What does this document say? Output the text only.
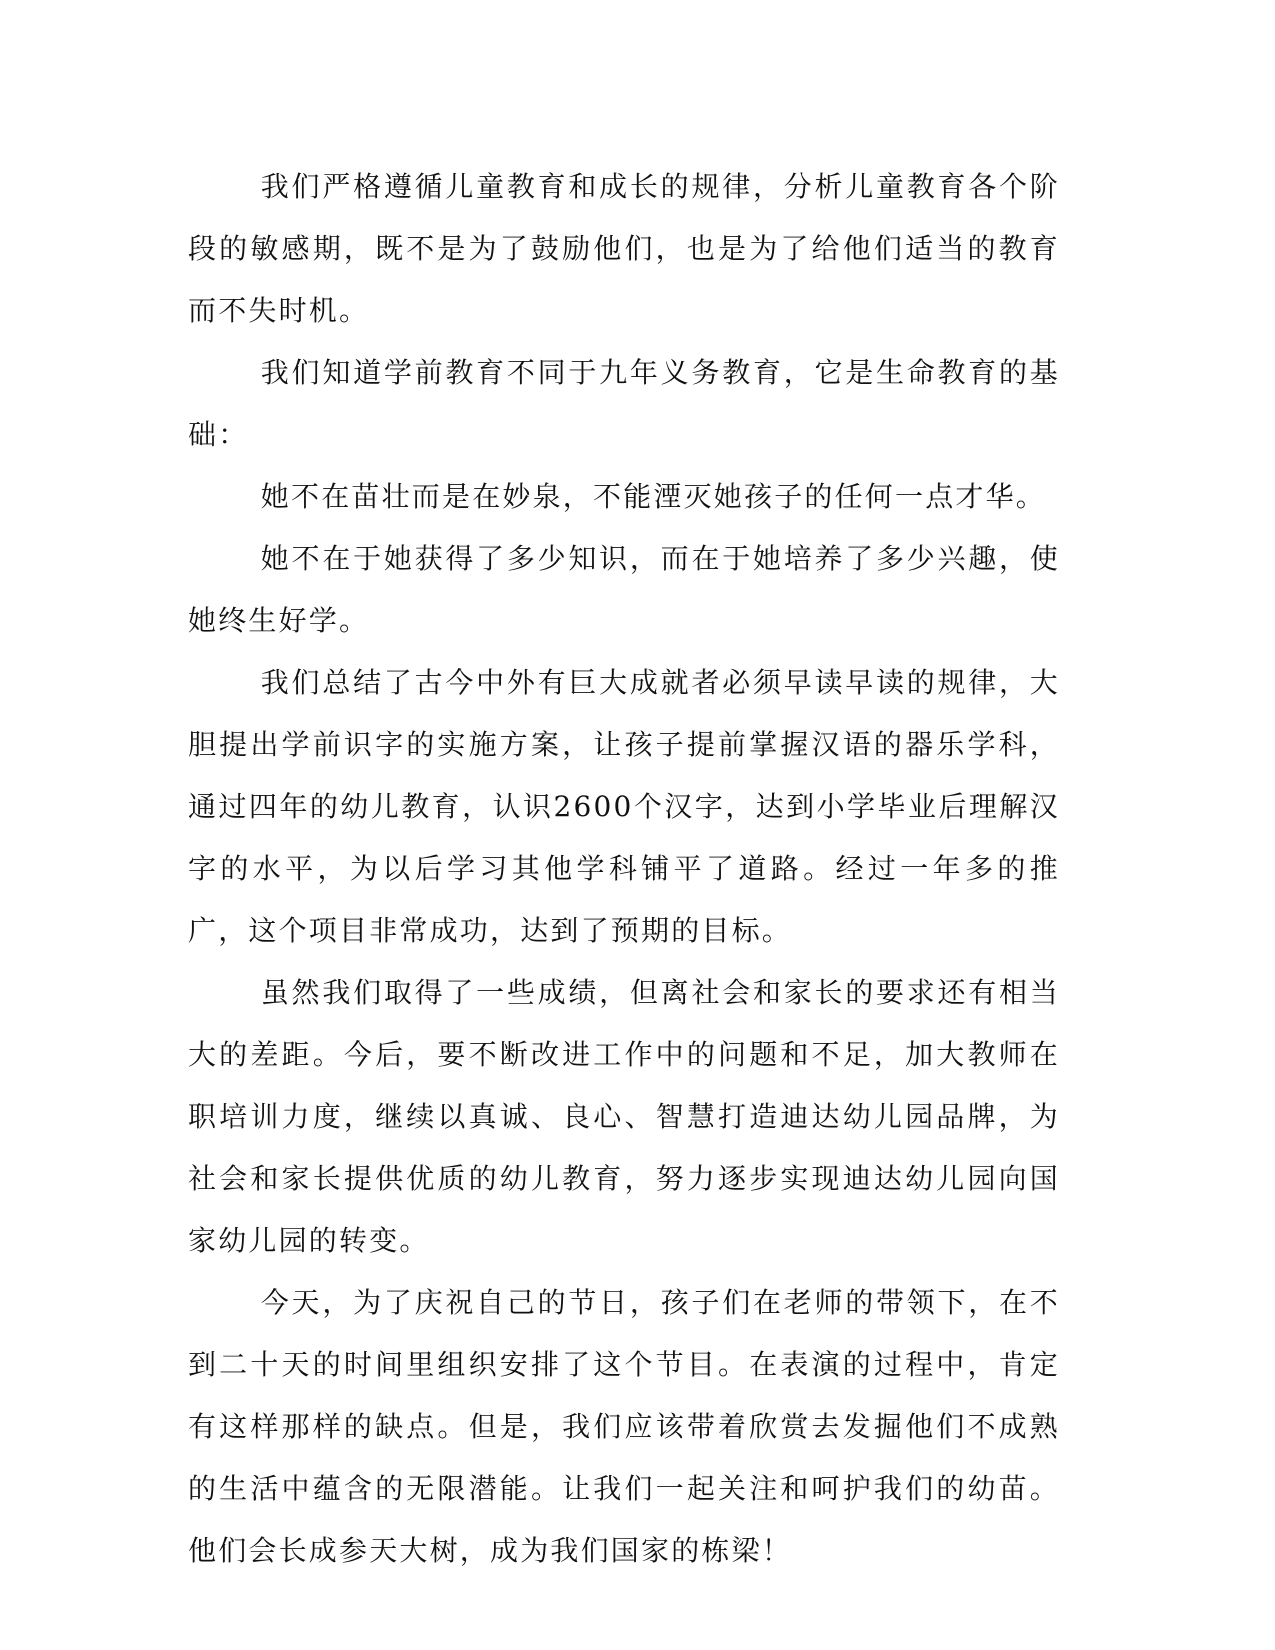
我们严格遵循儿童教育和成长的规律，分析儿童教育各个阶段的敏感期，既不是为了鼓励他们，也是为了给他们适当的教育而不失时机。

我们知道学前教育不同于九年义务教育，它是生命教育的基础：

她不在苗壮而是在妙泉，不能湮灭她孩子的任何一点才华。

她不在于她获得了多少知识，而在于她培养了多少兴趣，使她终生好学。

我们总结了古今中外有巨大成就者必须早读早读的规律，大胆提出学前识字的实施方案，让孩子提前掌握汉语的器乐学科，通过四年的幼儿教育，认识2600个汉字，达到小学毕业后理解汉字的水平，为以后学习其他学科铺平了道路。经过一年多的推广，这个项目非常成功，达到了预期的目标。

虽然我们取得了一些成绩，但离社会和家长的要求还有相当大的差距。今后，要不断改进工作中的问题和不足，加大教师在职培训力度，继续以真诚、良心、智慧打造迪达幼儿园品牌，为社会和家长提供优质的幼儿教育，努力逐步实现迪达幼儿园向国家幼儿园的转变。

今天，为了庆祝自己的节日，孩子们在老师的带领下，在不到二十天的时间里组织安排了这个节目。在表演的过程中，肯定有这样那样的缺点。但是，我们应该带着欣赏去发掘他们不成熟的生活中蕴含的无限潜能。让我们一起关注和呵护我们的幼苗。他们会长成参天大树，成为我们国家的栋梁！
